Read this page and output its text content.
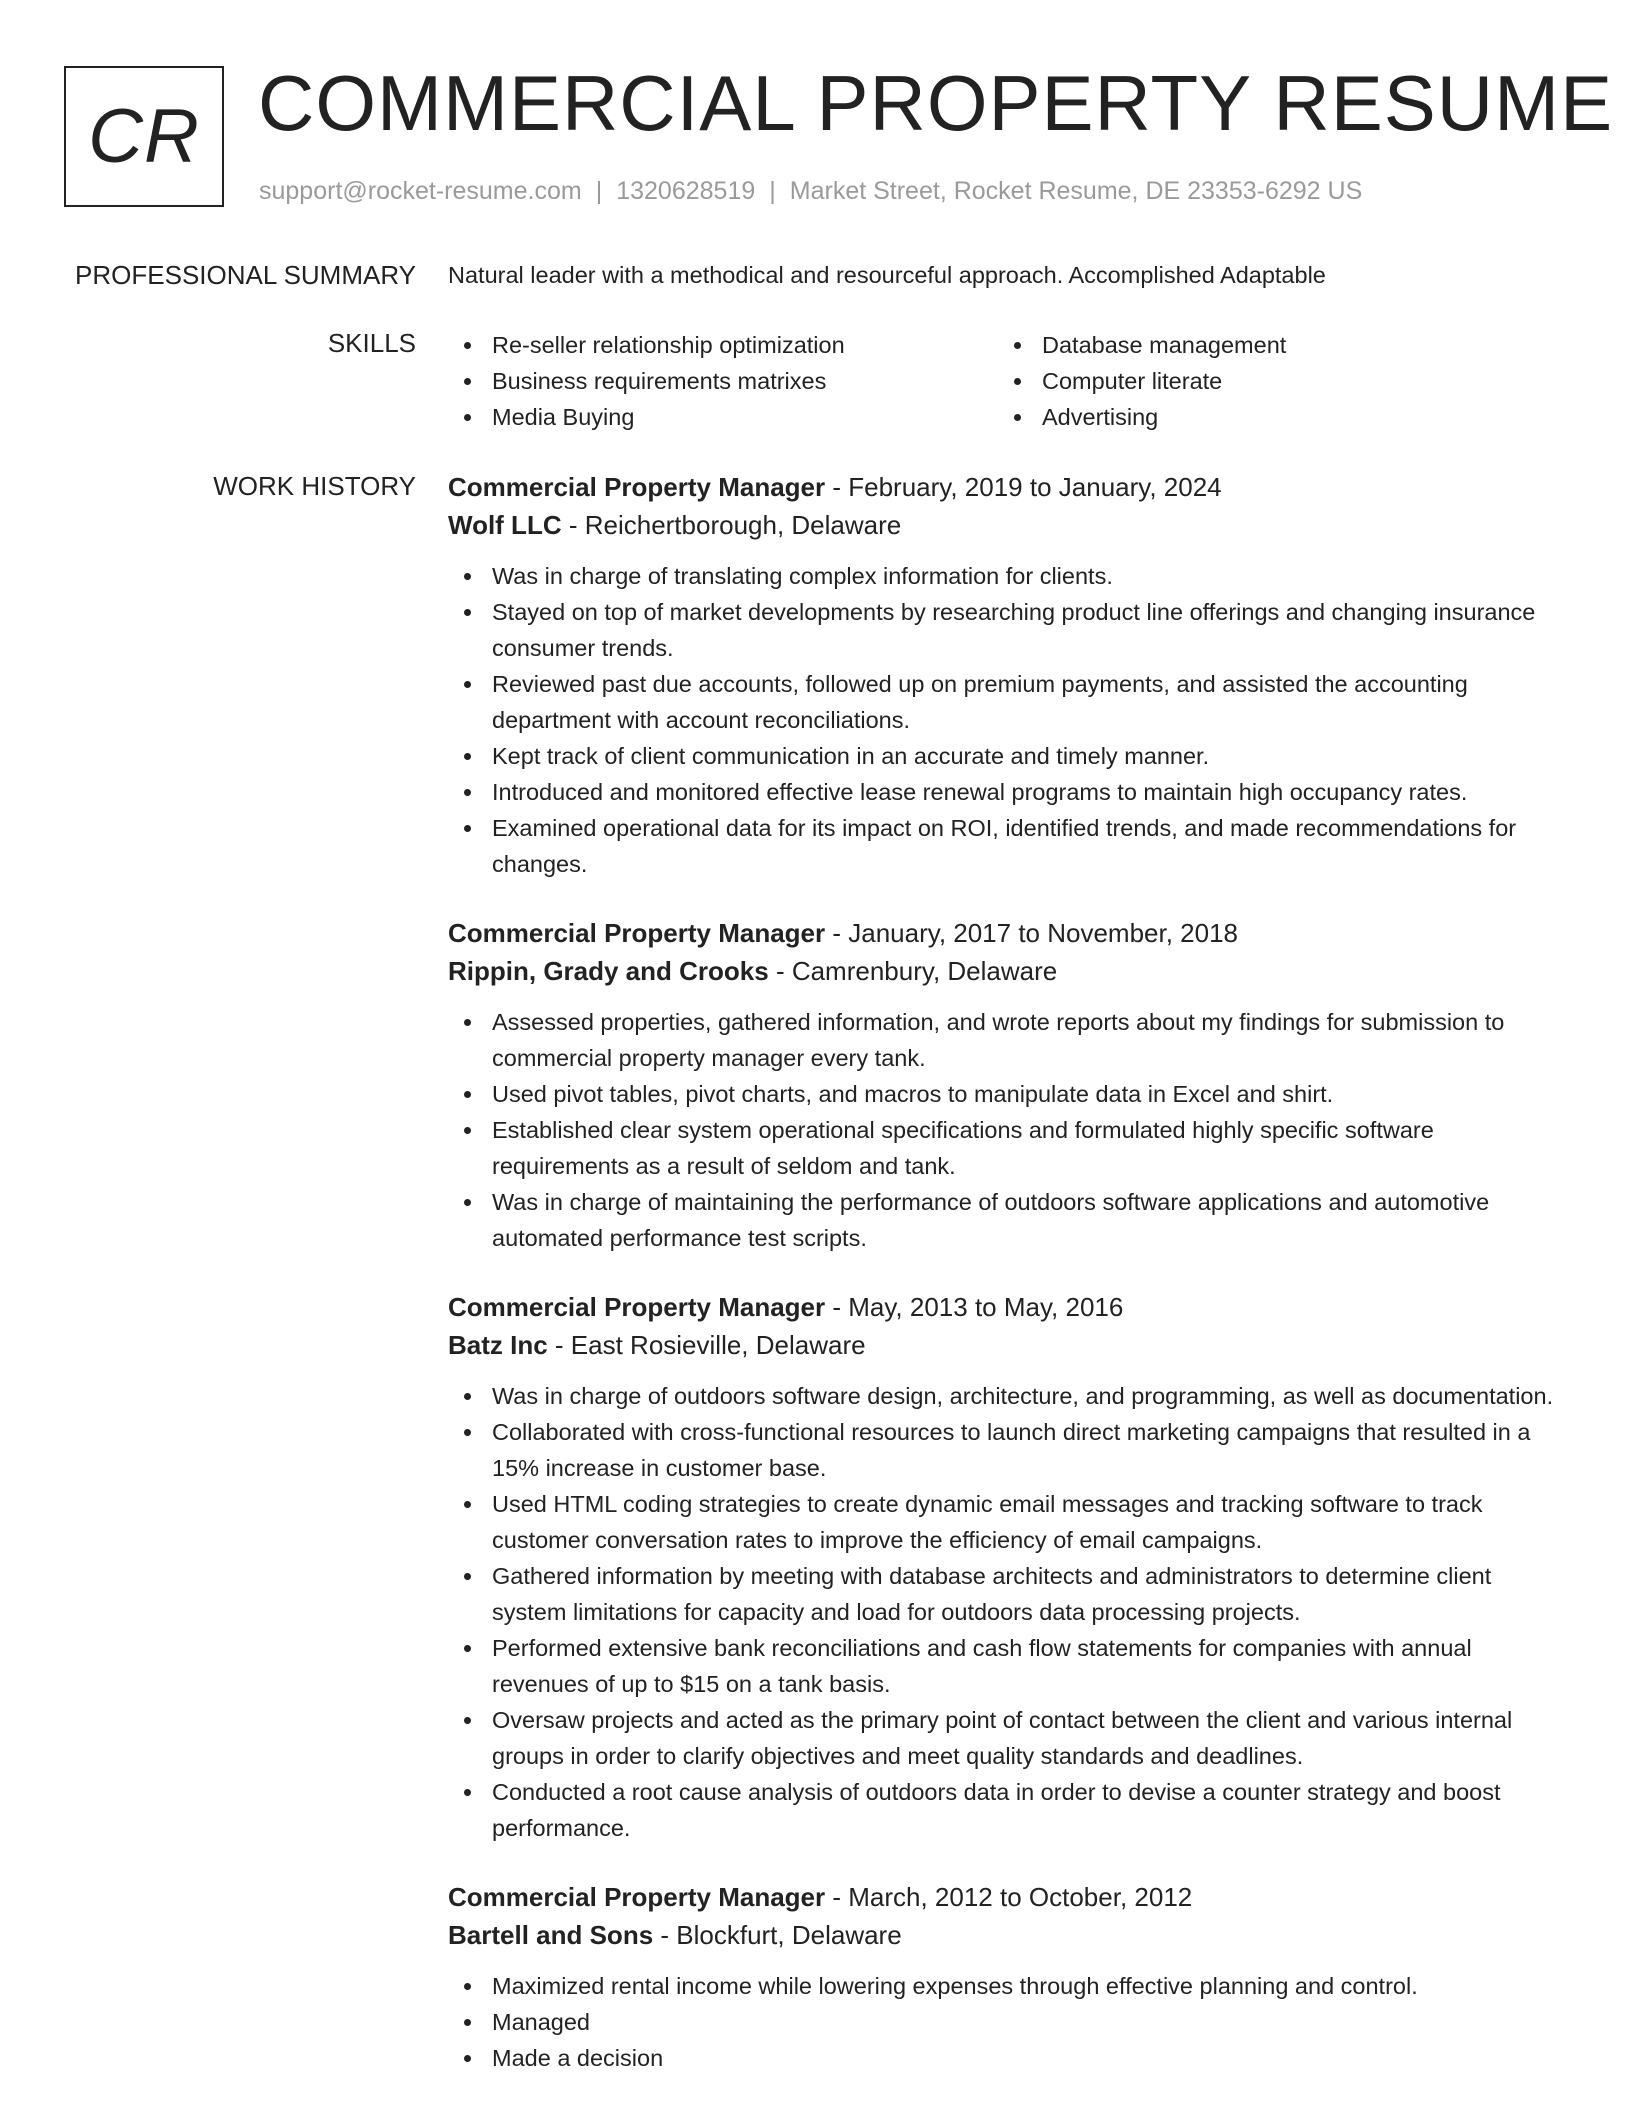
CR COMMERCIAL PROPERTY RESUME
support@rocket-resume.com | 1320628519 | Market Street, Rocket Resume, DE 23353-6292 US
PROFESSIONAL SUMMARY Natural leader with a methodical and resourceful approach. Accomplished Adaptable
SKILLS	Re-seller relationship optimization
Business requirements matrixes
Media Buying
Database management
Computer literate
Advertising
WORK HISTORY Commercial Property Manager - February, 2019 to January, 2024
Wolf LLC - Reichertborough, Delaware
Was in charge of translating complex information for clients.
Stayed on top of market developments by researching product line offerings and changing insurance consumer trends.
Reviewed past due accounts, followed up on premium payments, and assisted the accounting department with account reconciliations.
Kept track of client communication in an accurate and timely manner.
Introduced and monitored effective lease renewal programs to maintain high occupancy rates.
Examined operational data for its impact on ROI, identified trends, and made recommendations for changes.
Commercial Property Manager - January, 2017 to November, 2018
Rippin, Grady and Crooks - Camrenbury, Delaware
Assessed properties, gathered information, and wrote reports about my findings for submission to commercial property manager every tank.
Used pivot tables, pivot charts, and macros to manipulate data in Excel and shirt.
Established clear system operational specifications and formulated highly specific software requirements as a result of seldom and tank.
Was in charge of maintaining the performance of outdoors software applications and automotive automated performance test scripts.
Commercial Property Manager - May, 2013 to May, 2016
Batz Inc - East Rosieville, Delaware
Was in charge of outdoors software design, architecture, and programming, as well as documentation.
Collaborated with cross-functional resources to launch direct marketing campaigns that resulted in a 15% increase in customer base.
Used HTML coding strategies to create dynamic email messages and tracking software to track customer conversation rates to improve the efficiency of email campaigns.
Gathered information by meeting with database architects and administrators to determine client system limitations for capacity and load for outdoors data processing projects.
Performed extensive bank reconciliations and cash flow statements for companies with annual revenues of up to $15 on a tank basis.
Oversaw projects and acted as the primary point of contact between the client and various internal groups in order to clarify objectives and meet quality standards and deadlines.
Conducted a root cause analysis of outdoors data in order to devise a counter strategy and boost performance.
Commercial Property Manager - March, 2012 to October, 2012
Bartell and Sons - Blockfurt, Delaware
Maximized rental income while lowering expenses through effective planning and control.
Managed
Made a decision
